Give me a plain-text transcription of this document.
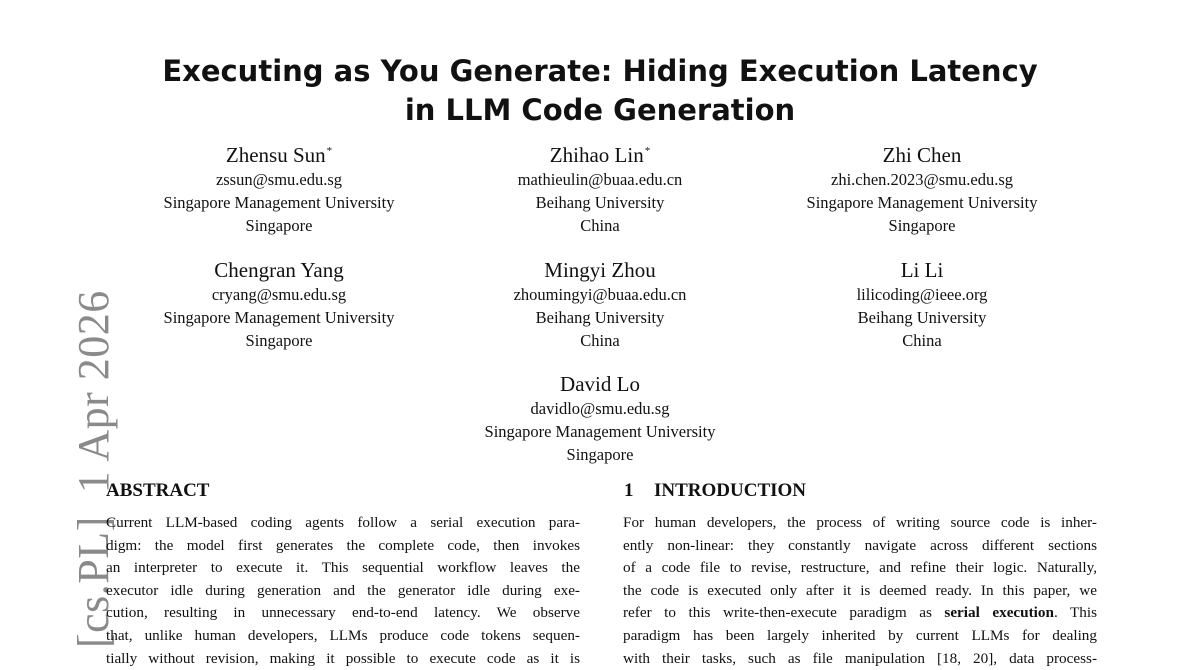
[cs.PL]  1 Apr 2026
Executing as You Generate: Hiding Execution Latency
in LLM Code Generation
Zhensu Sun*
zssun@smu.edu.sg
Singapore Management University
Singapore
Zhihao Lin*
mathieulin@buaa.edu.cn
Beihang University
China
Zhi Chen
zhi.chen.2023@smu.edu.sg
Singapore Management University
Singapore
Chengran Yang
cryang@smu.edu.sg
Singapore Management University
Singapore
Mingyi Zhou
zhoumingyi@buaa.edu.cn
Beihang University
China
Li Li
lilicoding@ieee.org
Beihang University
China
David Lo
davidlo@smu.edu.sg
Singapore Management University
Singapore
ABSTRACT
Current LLM-based coding agents follow a serial execution para-
digm: the model first generates the complete code, then invokes
an interpreter to execute it. This sequential workflow leaves the
executor idle during generation and the generator idle during exe-
cution, resulting in unnecessary end-to-end latency. We observe
that, unlike human developers, LLMs produce code tokens sequen-
tially without revision, making it possible to execute code as it is
1 INTRODUCTION
For human developers, the process of writing source code is inher-
ently non-linear: they constantly navigate across different sections
of a code file to revise, restructure, and refine their logic. Naturally,
the code is executed only after it is deemed ready. In this paper, we
refer to this write-then-execute paradigm as serial execution. This
paradigm has been largely inherited by current LLMs for dealing
with their tasks, such as file manipulation [18, 20], data process-
